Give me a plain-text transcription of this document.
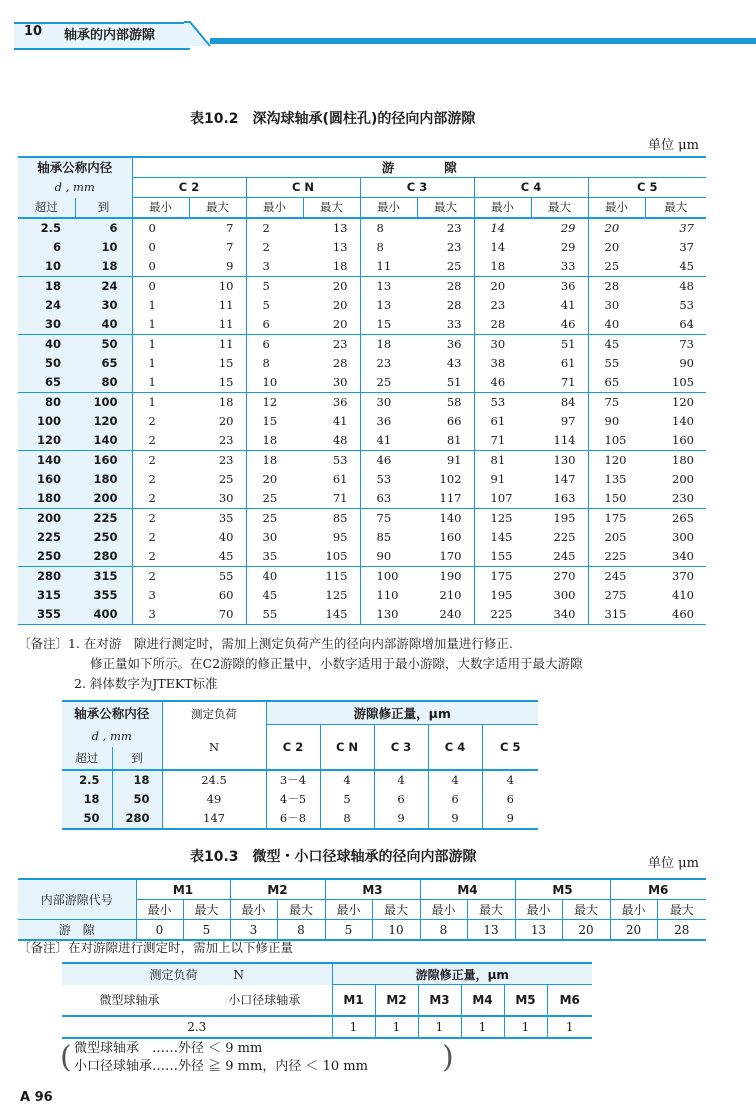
10 轴承的内部游隙
表10.2　深沟球轴承(圆柱孔)的径向内部游隙
单位 μm
轴承公称内径		游　　　　隙									
d , mm		C 2		C N		C 3		C 4		C 5	
超过	到	最小	最大	最小	最大	最小	最大	最小	最大	最小	最大
2.5	6	0	7	2	13	8	23	14	29	20	37
6	10	0	7	2	13	8	23	14	29	20	37
10	18	0	9	3	18	11	25	18	33	25	45
18	24	0	10	5	20	13	28	20	36	28	48
24	30	1	11	5	20	13	28	23	41	30	53
30	40	1	11	6	20	15	33	28	46	40	64
40	50	1	11	6	23	18	36	30	51	45	73
50	65	1	15	8	28	23	43	38	61	55	90
65	80	1	15	10	30	25	51	46	71	65	105
80	100	1	18	12	36	30	58	53	84	75	120
100	120	2	20	15	41	36	66	61	97	90	140
120	140	2	23	18	48	41	81	71	114	105	160
140	160	2	23	18	53	46	91	81	130	120	180
160	180	2	25	20	61	53	102	91	147	135	200
180	200	2	30	25	71	63	117	107	163	150	230
200	225	2	35	25	85	75	140	125	195	175	265
225	250	2	40	30	95	85	160	145	225	205	300
250	280	2	45	35	105	90	170	155	245	225	340
280	315	2	55	40	115	100	190	175	270	245	370
315	355	3	60	45	125	110	210	195	300	275	410
355	400	3	70	55	145	130	240	225	340	315	460
〔备注〕1. 在对游　隙进行测定时，需加上测定负荷产生的径向内部游隙增加量进行修正.
修正量如下所示。在C2游隙的修正量中，小数字适用于最小游隙，大数字适用于最大游隙
2. 斜体数字为JTEKT标准
轴承公称内径		测定负荷
N	游隙修正量，μm				
d , mm			C 2	C N	C 3	C 4	C 5
超过	到						
2.5	18	24.5	3－4	4	4	4	4
18	50	49	4－5	5	6	6	6
50	280	147	6－8	8	9	9	9
表10.3　微型・小口径球轴承的径向内部游隙	单位 μm
内部游隙代号	M1		M2		M3		M4		M5		M6	
	最小	最大	最小	最大	最小	最大	最小	最大	最小	最大	最小	最大
游　隙	0	5	3	8	5	10	8	13	13	20	20	28
〔备注〕在对游隙进行测定时，需加上以下修正量
测定负荷　　　N		游隙修正量，μm					
微型球轴承	小口径球轴承	M1	M2	M3	M4	M5	M6
2.3		1	1	1	1	1	1
( 微型球轴承　……外径 ＜ 9 mm
小口径球轴承……外径 ≧ 9 mm，内径 ＜ 10 mm )
A 96
